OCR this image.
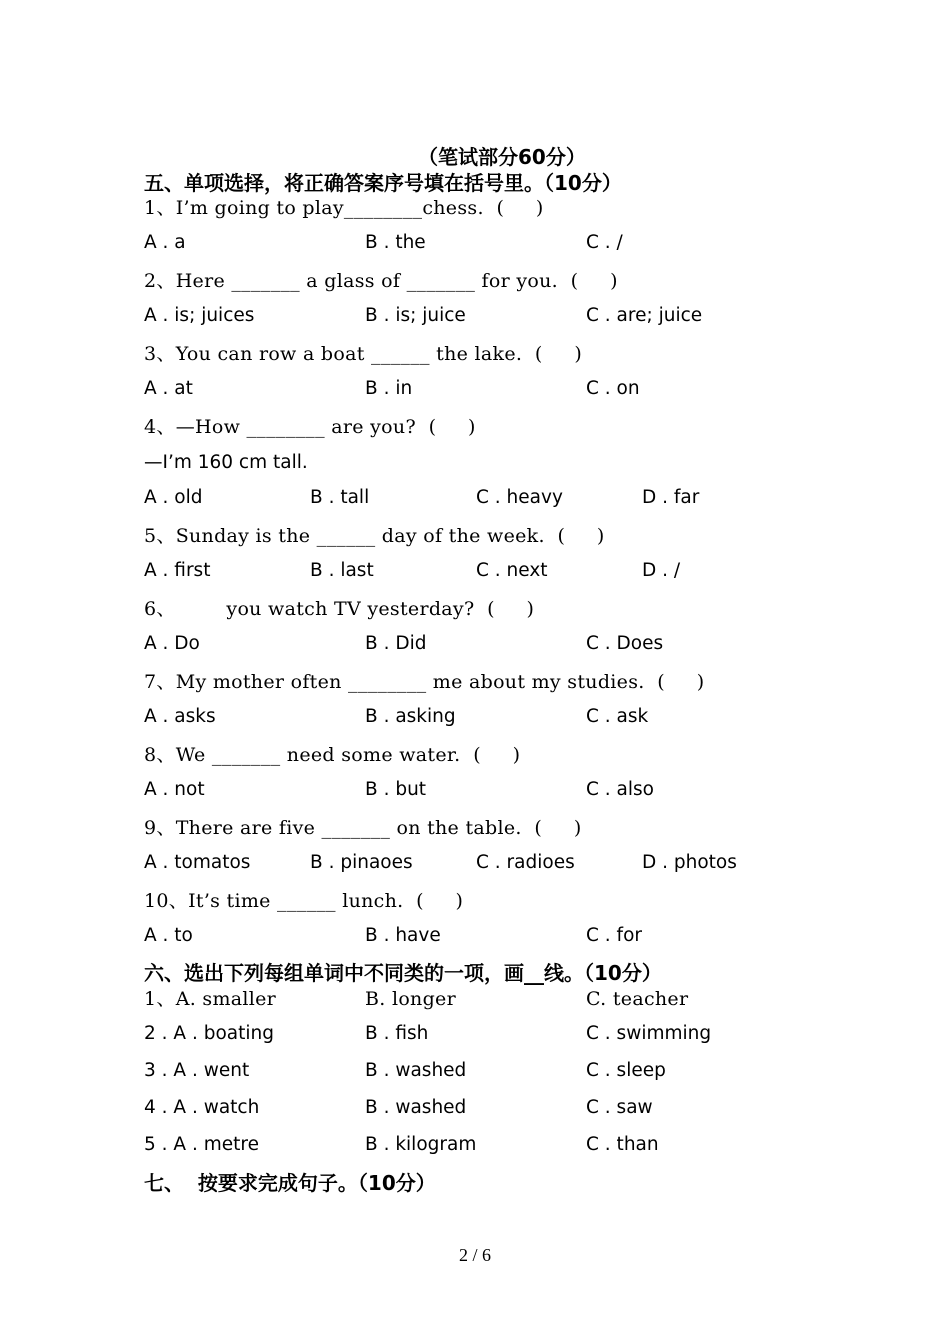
（笔试部分60分）
五、单项选择，将正确答案序号填在括号里。（10分）
1、I’m going to play________chess.  (     )
A . a	B . the	C . /
2、Here _______ a glass of _______ for you.  (     )
A . is; juices	B . is; juice	C . are; juice
3、You can row a boat ______ the lake.  (     )
A . at	B . in	C . on
4、—How ________ are you?  (     )
—I’m 160 cm tall.
A . old	B . tall	C . heavy	D . far
5、Sunday is the ______ day of the week.  (     )
A . first	B . last	C . next	D . /
6、        you watch TV yesterday?  (     )
A . Do	B . Did	C . Does
7、My mother often ________ me about my studies.  (     )
A . asks	B . asking	C . ask
8、We _______ need some water.  (     )
A . not	B . but	C . also
9、There are five _______ on the table.  (     )
A . tomatos	B . pinaoes	C . radioes	D . photos
10、It’s time ______ lunch.  (     )
A . to	B . have	C . for
六、选出下列每组单词中不同类的一项，画__线。（10分）
1、A. smaller	B. longer	C. teacher
2 . A . boating	B . fish	C . swimming
3 . A . went	B . washed	C . sleep
4 . A . watch	B . washed	C . saw
5 . A . metre	B . kilogram	C . than
七、  按要求完成句子。（10分）
2 / 6
